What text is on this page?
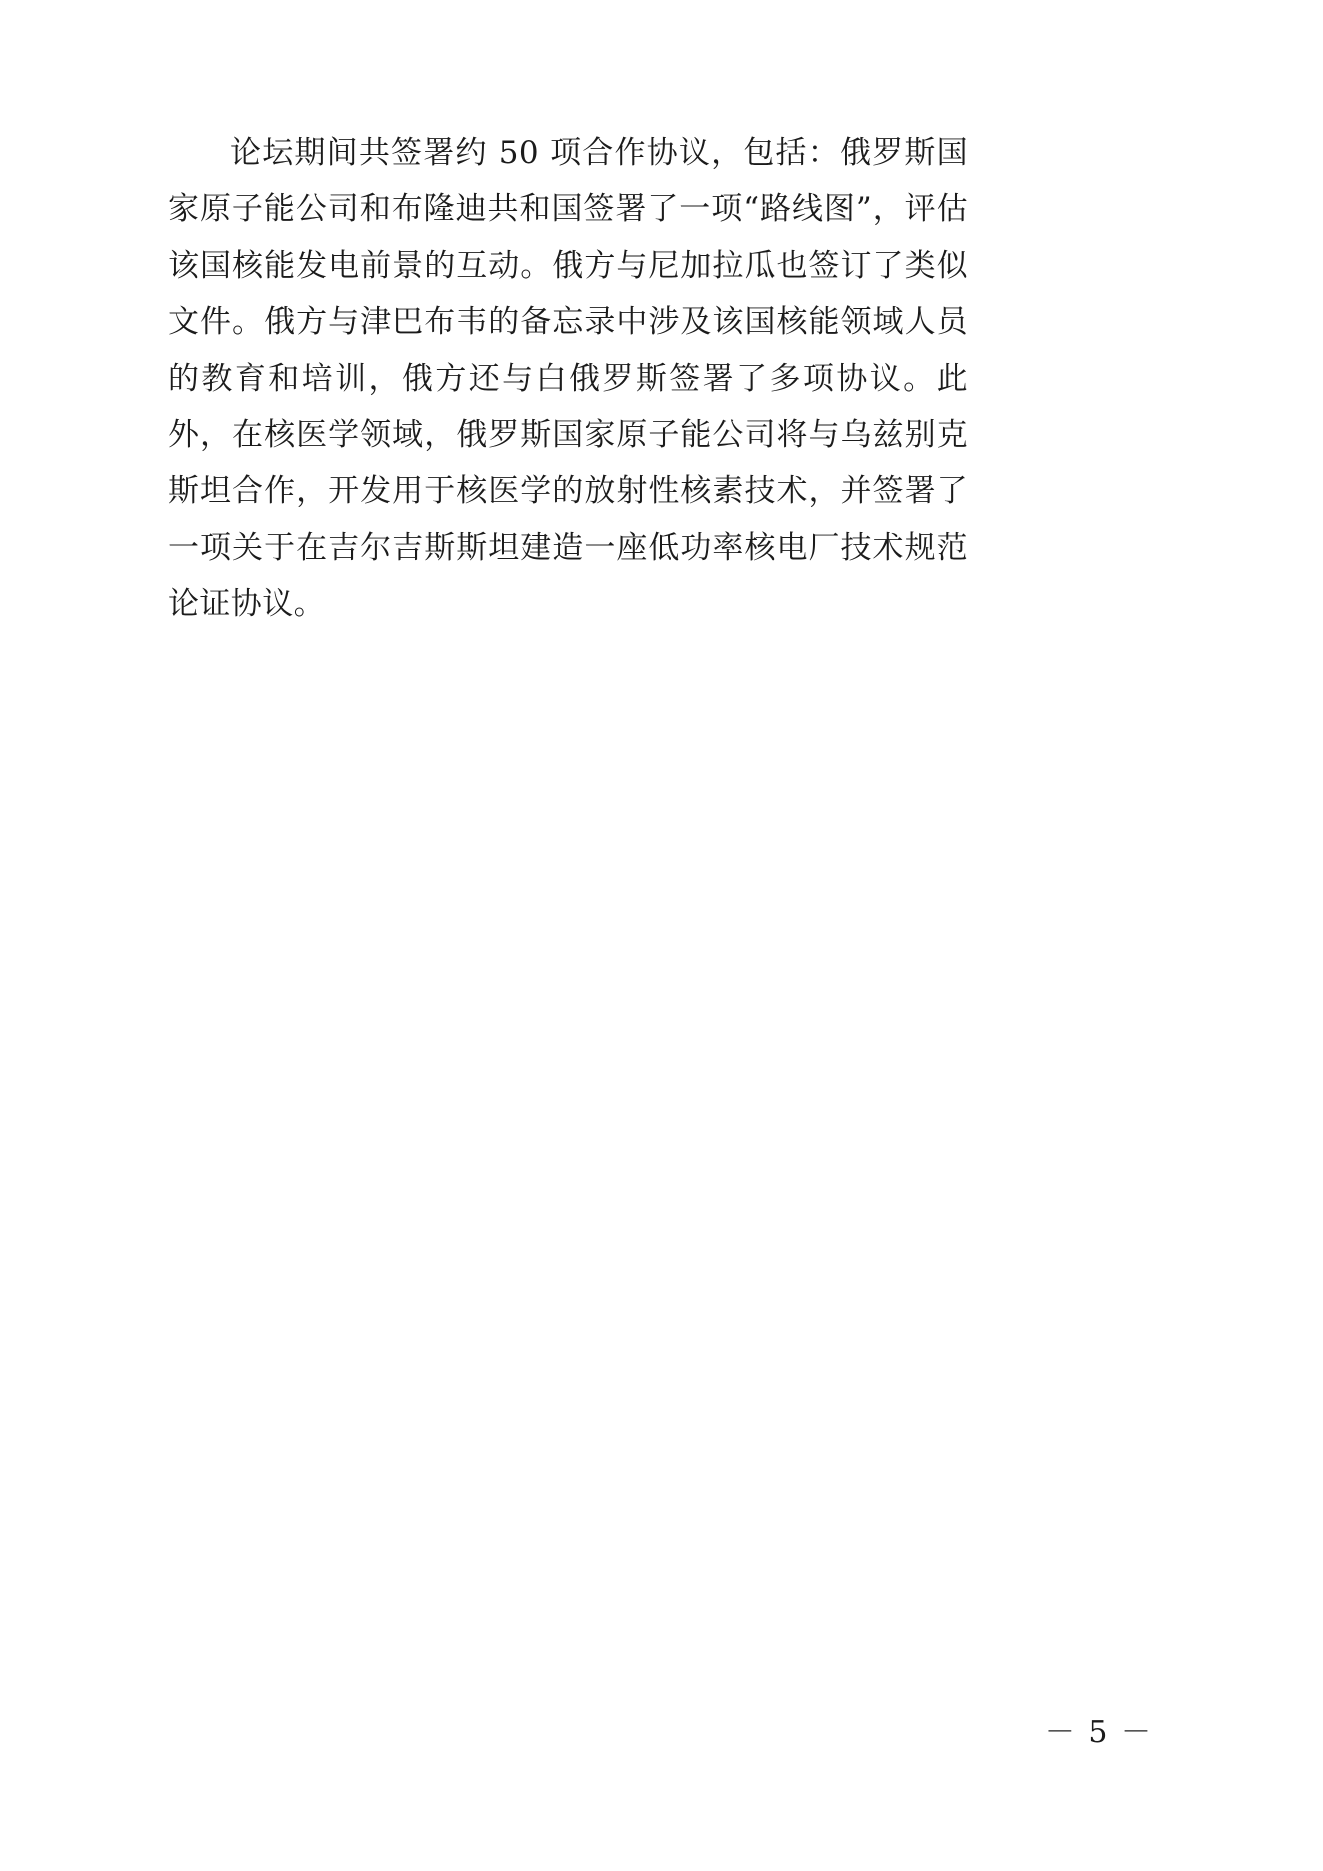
论坛期间共签署约 50 项合作协议，包括：俄罗斯国家原子能公司和布隆迪共和国签署了一项“路线图”，评估该国核能发电前景的互动。俄方与尼加拉瓜也签订了类似文件。俄方与津巴布韦的备忘录中涉及该国核能领域人员的教育和培训，俄方还与白俄罗斯签署了多项协议。此外，在核医学领域，俄罗斯国家原子能公司将与乌兹别克斯坦合作，开发用于核医学的放射性核素技术，并签署了一项关于在吉尔吉斯斯坦建造一座低功率核电厂技术规范论证协议。

－ 5 －
